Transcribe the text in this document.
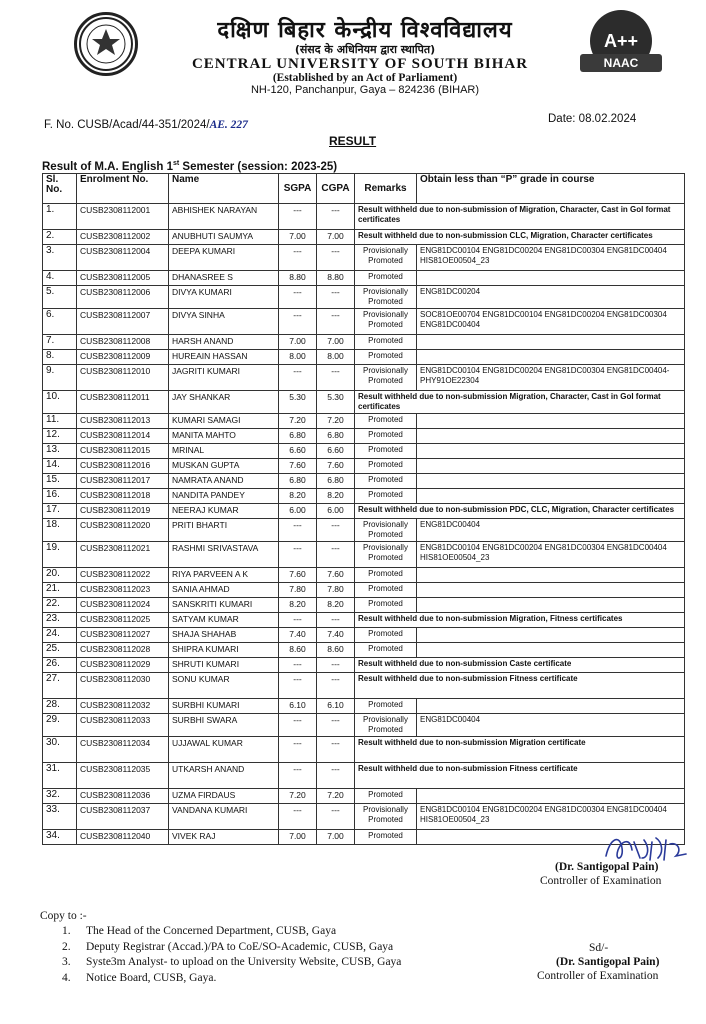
दक्षिण बिहार केन्द्रीय विश्वविद्यालय
(संसद के अधिनियम द्वारा स्थापित)
CENTRAL UNIVERSITY OF SOUTH BIHAR
(Established by an Act of Parliament)
NH-120, Panchanpur, Gaya – 824236 (BIHAR)
A++
NAAC
F. No. CUSB/Acad/44-351/2024/AE. 227	Date: 08.02.2024
RESULT
Result of M.A. English 1st Semester (session: 2023-25)
Sl. No.	Enrolment No.	Name	SGPA	CGPA	Remarks	Obtain less than “P” grade in course
1.	CUSB2308112001	ABHISHEK NARAYAN	---	---	Result withheld due to non-submission of Migration, Character, Cast in GoI format certificates	
2.	CUSB2308112002	ANUBHUTI SAUMYA	7.00	7.00	Result withheld due to non-submission CLC, Migration, Character certificates	
3.	CUSB2308112004	DEEPA KUMARI	---	---	Provisionally Promoted	ENG81DC00104 ENG81DC00204 ENG81DC00304 ENG81DC00404 HIS81OE00504_23
4.	CUSB2308112005	DHANASREE S	8.80	8.80	Promoted	
5.	CUSB2308112006	DIVYA KUMARI	---	---	Provisionally Promoted	ENG81DC00204
6.	CUSB2308112007	DIVYA SINHA	---	---	Provisionally Promoted	SOC81OE00704 ENG81DC00104 ENG81DC00204 ENG81DC00304 ENG81DC00404
7.	CUSB2308112008	HARSH ANAND	7.00	7.00	Promoted	
8.	CUSB2308112009	HUREAIN HASSAN	8.00	8.00	Promoted	
9.	CUSB2308112010	JAGRITI KUMARI	---	---	Provisionally Promoted	ENG81DC00104 ENG81DC00204 ENG81DC00304 ENG81DC00404-PHY91OE22304
10.	CUSB2308112011	JAY SHANKAR	5.30	5.30	Result withheld due to non-submission Migration, Character, Cast in GoI format certificates	
11.	CUSB2308112013	KUMARI SAMAGI	7.20	7.20	Promoted	
12.	CUSB2308112014	MANITA MAHTO	6.80	6.80	Promoted	
13.	CUSB2308112015	MRINAL	6.60	6.60	Promoted	
14.	CUSB2308112016	MUSKAN GUPTA	7.60	7.60	Promoted	
15.	CUSB2308112017	NAMRATA ANAND	6.80	6.80	Promoted	
16.	CUSB2308112018	NANDITA PANDEY	8.20	8.20	Promoted	
17.	CUSB2308112019	NEERAJ KUMAR	6.00	6.00	Result withheld due to non-submission PDC, CLC, Migration, Character certificates	
18.	CUSB2308112020	PRITI BHARTI	---	---	Provisionally Promoted	ENG81DC00404
19.	CUSB2308112021	RASHMI SRIVASTAVA	---	---	Provisionally Promoted	ENG81DC00104 ENG81DC00204 ENG81DC00304 ENG81DC00404 HIS81OE00504_23
20.	CUSB2308112022	RIYA PARVEEN A K	7.60	7.60	Promoted	
21.	CUSB2308112023	SANIA AHMAD	7.80	7.80	Promoted	
22.	CUSB2308112024	SANSKRITI KUMARI	8.20	8.20	Promoted	
23.	CUSB2308112025	SATYAM KUMAR	---	---	Result withheld due to non-submission Migration, Fitness certificates	
24.	CUSB2308112027	SHAJA SHAHAB	7.40	7.40	Promoted	
25.	CUSB2308112028	SHIPRA KUMARI	8.60	8.60	Promoted	
26.	CUSB2308112029	SHRUTI KUMARI	---	---	Result withheld due to non-submission Caste certificate	
27.	CUSB2308112030	SONU KUMAR	---	---	Result withheld due to non-submission Fitness certificate	
28.	CUSB2308112032	SURBHI KUMARI	6.10	6.10	Promoted	
29.	CUSB2308112033	SURBHI SWARA	---	---	Provisionally Promoted	ENG81DC00404
30.	CUSB2308112034	UJJAWAL KUMAR	---	---	Result withheld due to non-submission Migration certificate	
31.	CUSB2308112035	UTKARSH ANAND	---	---	Result withheld due to non-submission Fitness certificate	
32.	CUSB2308112036	UZMA FIRDAUS	7.20	7.20	Promoted	
33.	CUSB2308112037	VANDANA KUMARI	---	---	Provisionally Promoted	ENG81DC00104 ENG81DC00204 ENG81DC00304 ENG81DC00404 HIS81OE00504_23
34.	CUSB2308112040	VIVEK RAJ	7.00	7.00	Promoted	
(Dr. Santigopal Pain)
Controller of Examination
Copy to :-
1. The Head of the Concerned Department, CUSB, Gaya
2. Deputy Registrar (Accad.)/PA to CoE/SO-Academic, CUSB, Gaya
3. Syste3m Analyst- to upload on the University Website, CUSB, Gaya
4. Notice Board, CUSB, Gaya.
Sd/-
(Dr. Santigopal Pain)
Controller of Examination
